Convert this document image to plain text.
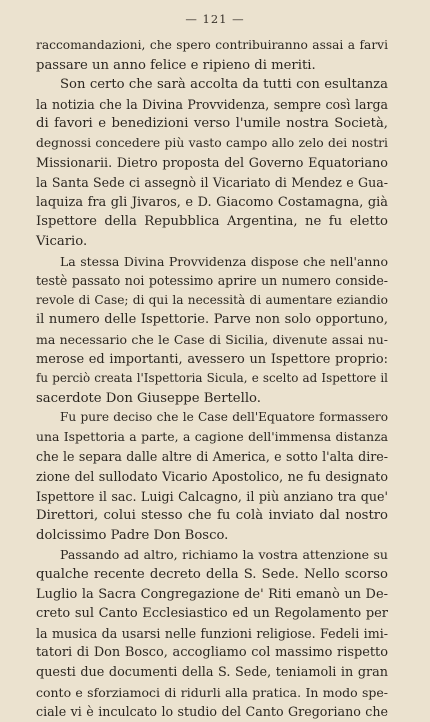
— 121 —
raccomandazioni, che spero contribuiranno assai a farvi
passare un anno felice e ripieno di meriti.
Son certo che sarà accolta da tutti con esultanza
la notizia che la Divina Provvidenza, sempre così larga
di favori e benedizioni verso l'umile nostra Società,
degnossi concedere più vasto campo allo zelo dei nostri
Missionarii. Dietro proposta del Governo Equatoriano
la Santa Sede ci assegnò il Vicariato di Mendez e Gua-
laquiza fra gli Jivaros, e D. Giacomo Costamagna, già
Ispettore della Repubblica Argentina, ne fu eletto
Vicario.
La stessa Divina Provvidenza dispose che nell'anno
testè passato noi potessimo aprire un numero conside-
revole di Case; di qui la necessità di aumentare eziandio
il numero delle Ispettorie. Parve non solo opportuno,
ma necessario che le Case di Sicilia, divenute assai nu-
merose ed importanti, avessero un Ispettore proprio:
fu perciò creata l'Ispettoria Sicula, e scelto ad Ispettore il
sacerdote Don Giuseppe Bertello.
Fu pure deciso che le Case dell'Equatore formassero
una Ispettoria a parte, a cagione dell'immensa distanza
che le separa dalle altre di America, e sotto l'alta dire-
zione del sullodato Vicario Apostolico, ne fu designato
Ispettore il sac. Luigi Calcagno, il più anziano tra que'
Direttori, colui stesso che fu colà inviato dal nostro
dolcissimo Padre Don Bosco.
Passando ad altro, richiamo la vostra attenzione su
qualche recente decreto della S. Sede. Nello scorso
Luglio la Sacra Congregazione de' Riti emanò un De-
creto sul Canto Ecclesiastico ed un Regolamento per
la musica da usarsi nelle funzioni religiose. Fedeli imi-
tatori di Don Bosco, accogliamo col massimo rispetto
questi due documenti della S. Sede, teniamoli in gran
conto e sforziamoci di ridurli alla pratica. In modo spe-
ciale vi è inculcato lo studio del Canto Gregoriano che
